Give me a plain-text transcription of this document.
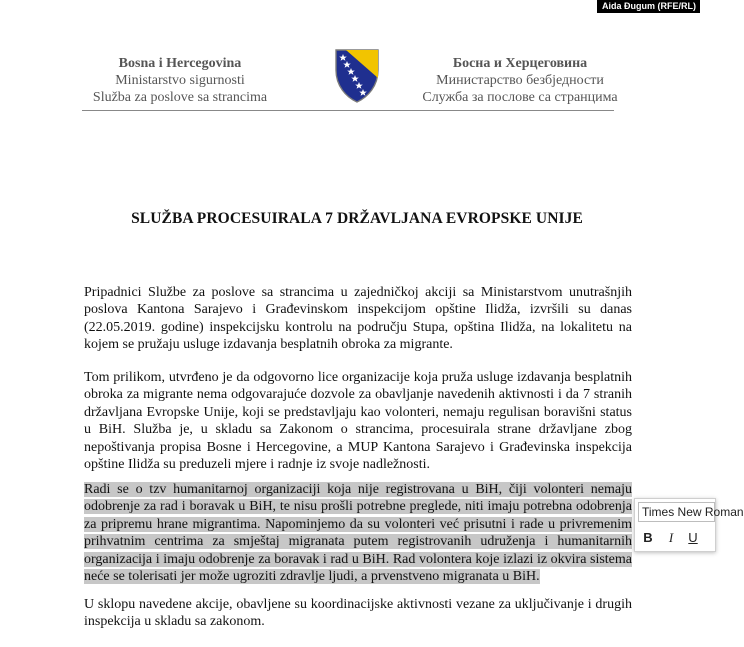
Aida Đugum (RFE/RL)
Bosna i Hercegovina
Ministarstvo sigurnosti
Služba za poslove sa strancima
Босна и Херцеговина
Министарство безбједности
Служба за послове са странцима
SLUŽBA PROCESUIRALA 7 DRŽAVLJANA EVROPSKE UNIJE

Pripadnici Službe za poslove sa strancima u zajedničkoj akciji sa Ministarstvom unutrašnjih poslova Kantona Sarajevo i Građevinskom inspekcijom opštine Ilidža, izvršili su danas (22.05.2019. godine) inspekcijsku kontrolu na području Stupa, opština Ilidža, na lokalitetu na kojem se pružaju usluge izdavanja besplatnih obroka za migrante.

Tom prilikom, utvrđeno je da odgovorno lice organizacije koja pruža usluge izdavanja besplatnih obroka za migrante nema odgovarajuće dozvole za obavljanje navedenih aktivnosti i da 7 stranih državljana Evropske Unije, koji se predstavljaju kao volonteri, nemaju regulisan boravišni status u BiH. Služba je, u skladu sa Zakonom o strancima, procesuirala strane državljane zbog nepoštivanja propisa Bosne i Hercegovine, a MUP Kantona Sarajevo i Građevinska inspekcija opštine Ilidža su preduzeli mjere i radnje iz svoje nadležnosti.

Radi se o tzv humanitarnoj organizaciji koja nije registrovana u BiH, čiji volonteri nemaju odobrenje za rad i boravak u BiH, te nisu prošli potrebne preglede, niti imaju potrebna odobrenja za pripremu hrane migrantima. Napominjemo da su volonteri već prisutni i rade u privremenim prihvatnim centrima za smještaj migranata putem registrovanih udruženja i humanitarnih organizacija i imaju odobrenje za boravak i rad u BiH. Rad volontera koje izlazi iz okvira sistema neće se tolerisati jer može ugroziti zdravlje ljudi, a prvenstveno migranata u BiH.

U sklopu navedene akcije, obavljene su koordinacijske aktivnosti vezane za uključivanje i drugih inspekcija u skladu sa zakonom.

Times New Roman
B	I	U
